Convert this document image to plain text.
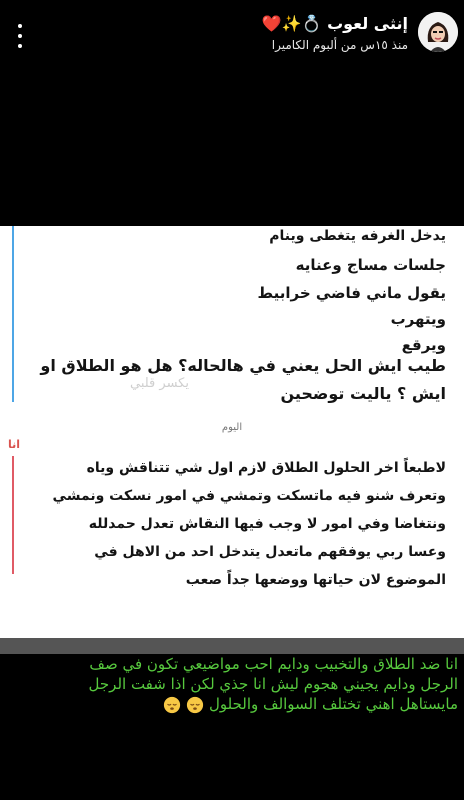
إنثى لعوب 💍✨❤️
منذ ١٥س من ألبوم الكاميرا
يدخل الغرفه يتغطى وينام
جلسات مساج وعنايه
يقول ماني فاضي خرابيط
ويتهرب
ويرقع
يكسر قلبي
طيب ايش الحل يعني في هالحاله؟ هل هو الطلاق او
ايش ؟ ياليت توضحين
اليوم
انا
لاطبعاً اخر الحلول الطلاق لازم اول شي تتناقش وياه
وتعرف شنو فيه ماتسكت وتمشي في امور نسكت ونمشي
ونتغاضا وفي امور لا وجب فيها النقاش تعدل حمدلله
وعسا ربي يوفقهم ماتعدل يتدخل احد من الاهل في
الموضوع لان حياتها ووضعها جداً صعب
انا ضد الطلاق والتخبيب ودايم احب مواضيعي تكون في صف
الرجل ودايم يجيني هجوم ليش انا جذي لكن اذا شفت الرجل
مايستاهل اهني تختلف السوالف والحلول
